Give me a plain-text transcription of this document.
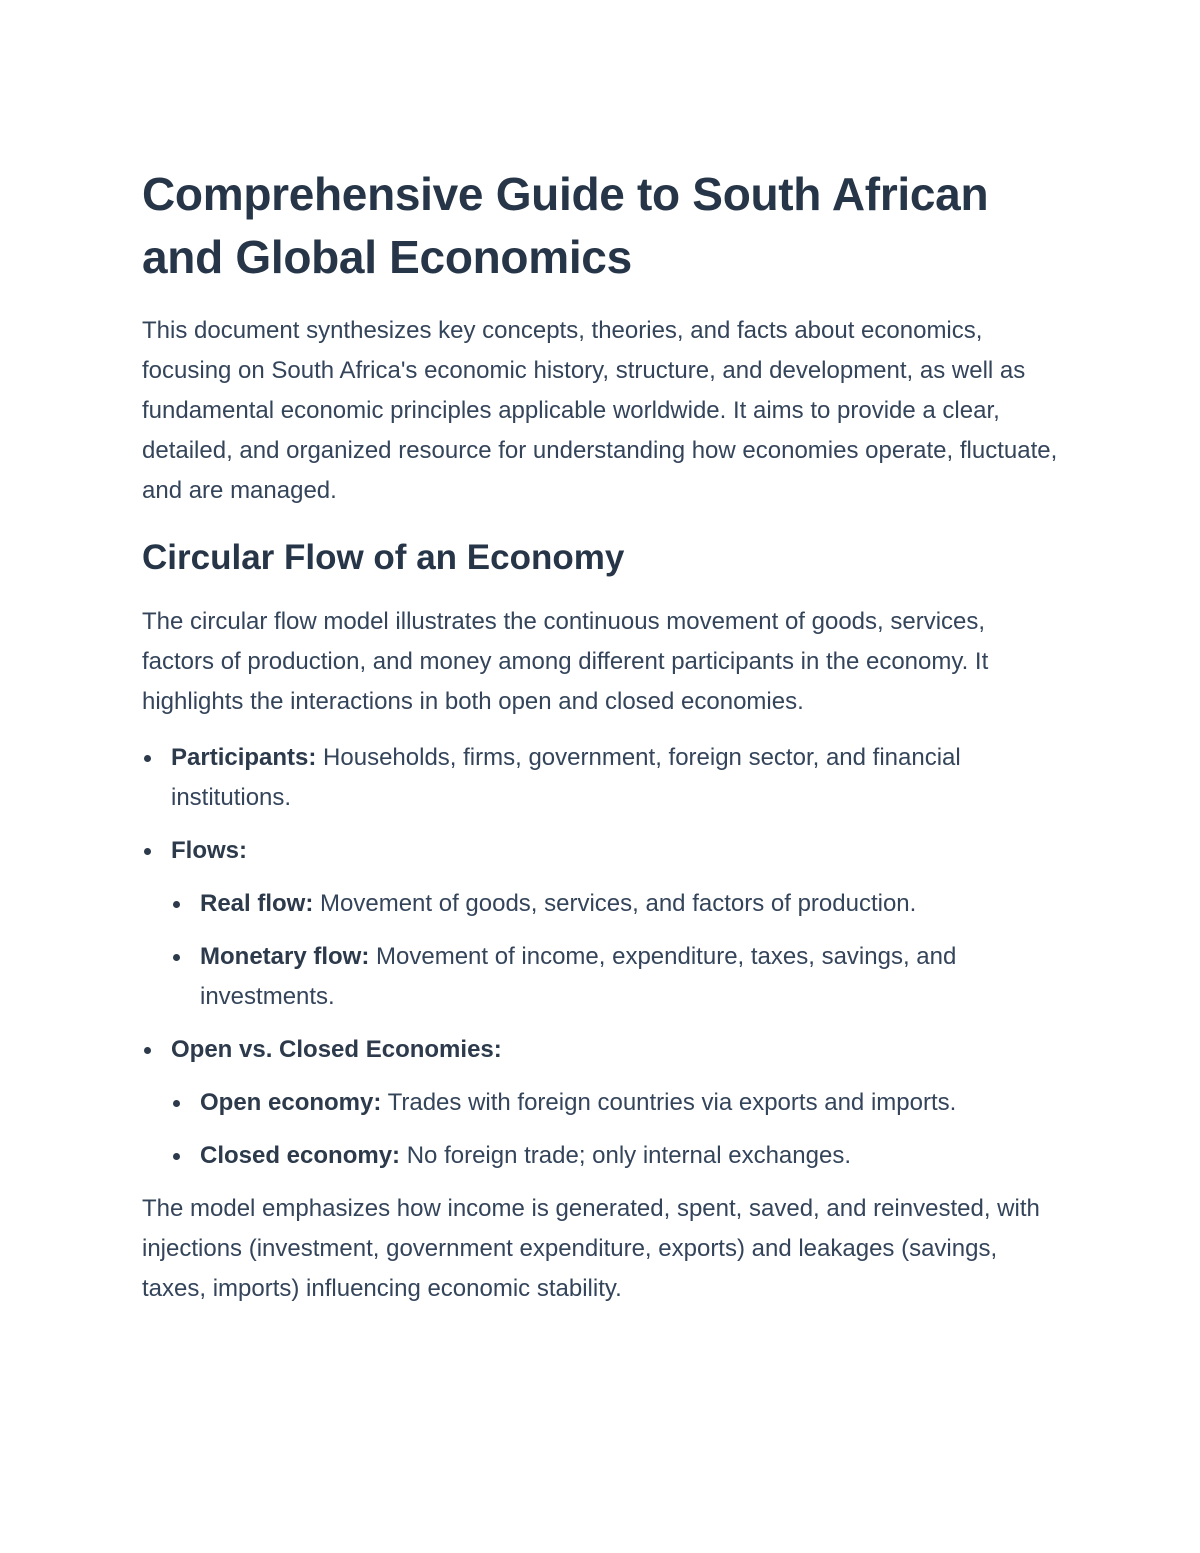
Comprehensive Guide to South African and Global Economics

This document synthesizes key concepts, theories, and facts about economics, focusing on South Africa's economic history, structure, and development, as well as fundamental economic principles applicable worldwide. It aims to provide a clear, detailed, and organized resource for understanding how economies operate, fluctuate, and are managed.

Circular Flow of an Economy

The circular flow model illustrates the continuous movement of goods, services, factors of production, and money among different participants in the economy. It highlights the interactions in both open and closed economies.

Participants: Households, firms, government, foreign sector, and financial institutions.
Flows:
Real flow: Movement of goods, services, and factors of production.
Monetary flow: Movement of income, expenditure, taxes, savings, and investments.
Open vs. Closed Economies:
Open economy: Trades with foreign countries via exports and imports.
Closed economy: No foreign trade; only internal exchanges.

The model emphasizes how income is generated, spent, saved, and reinvested, with injections (investment, government expenditure, exports) and leakages (savings, taxes, imports) influencing economic stability.
